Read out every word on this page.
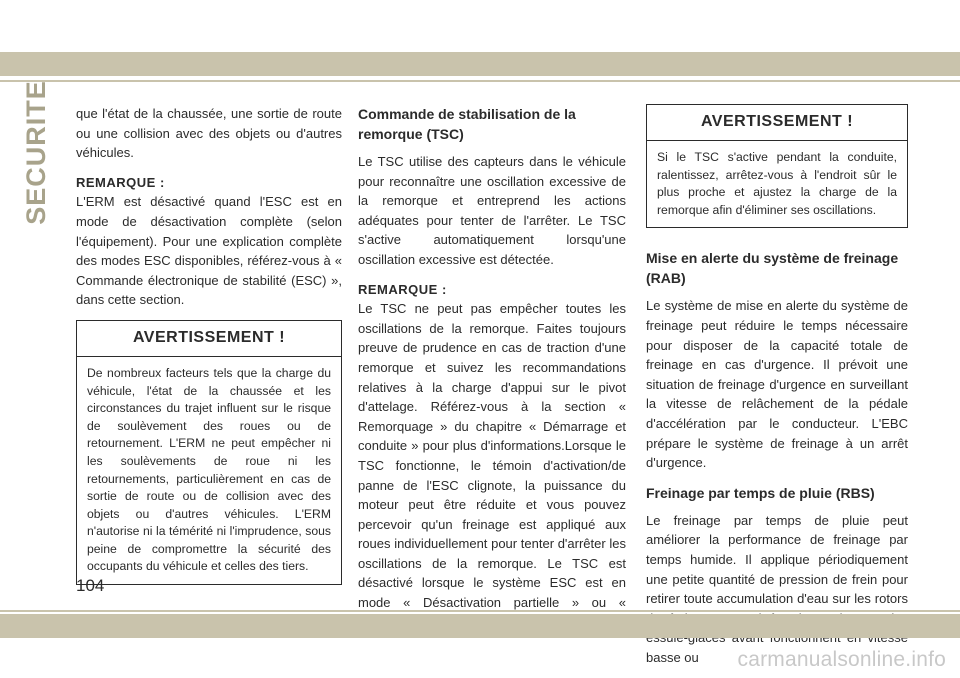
SECURITE que l'état de la chaussée, une sortie de route ou une collision avec des objets ou d'autres véhicules.

REMARQUE :

L'ERM est désactivé quand l'ESC est en mode de désactivation complète (selon l'équipement). Pour une explication complète des modes ESC disponibles, référez-vous à « Commande électronique de stabilité (ESC) », dans cette section.

AVERTISSEMENT !
De nombreux facteurs tels que la charge du véhicule, l'état de la chaussée et les circonstances du trajet influent sur le risque de soulèvement des roues ou de retournement. L'ERM ne peut empêcher ni les soulèvements de roue ni les retournements, particulièrement en cas de sortie de route ou de collision avec des objets ou d'autres véhicules. L'ERM n'autorise ni la témérité ni l'imprudence, sous peine de compromettre la sécurité des occupants du véhicule et celles des tiers.
Commande de stabilisation de la remorque (TSC)

Le TSC utilise des capteurs dans le véhicule pour reconnaître une oscillation excessive de la remorque et entreprend les actions adéquates pour tenter de l'arrêter. Le TSC s'active automatiquement lorsqu'une oscillation excessive est détectée.

REMARQUE :

Le TSC ne peut pas empêcher toutes les oscillations de la remorque. Faites toujours preuve de prudence en cas de traction d'une remorque et suivez les recommandations relatives à la charge d'appui sur le pivot d'attelage. Référez-vous à la section « Remorquage » du chapitre « Démarrage et conduite » pour plus d'informations.Lorsque le TSC fonctionne, le témoin d'activation/de panne de l'ESC clignote, la puissance du moteur peut être réduite et vous pouvez percevoir qu'un freinage est appliqué aux roues individuellement pour tenter d'arrêter les oscillations de la remorque. Le TSC est désactivé lorsque le système ESC est en mode « Désactivation partielle » ou «

AVERTISSEMENT !
Si le TSC s'active pendant la conduite, ralentissez, arrêtez-vous à l'endroit sûr le plus proche et ajustez la charge de la remorque afin d'éliminer ses oscillations.
Mise en alerte du système de freinage (RAB)

Le système de mise en alerte du système de freinage peut réduire le temps nécessaire pour disposer de la capacité totale de freinage en cas d'urgence. Il prévoit une situation de freinage d'urgence en surveillant la vitesse de relâchement de la pédale d'accélération par le conducteur. L'EBC prépare le système de freinage à un arrêt d'urgence.

Freinage par temps de pluie (RBS)

Le freinage par temps de pluie peut améliorer la performance de freinage par temps humide. Il applique périodiquement une petite quantité de pression de frein pour retirer toute accumulation d'eau sur les rotors basse ou

104
carmanualsonline.info
